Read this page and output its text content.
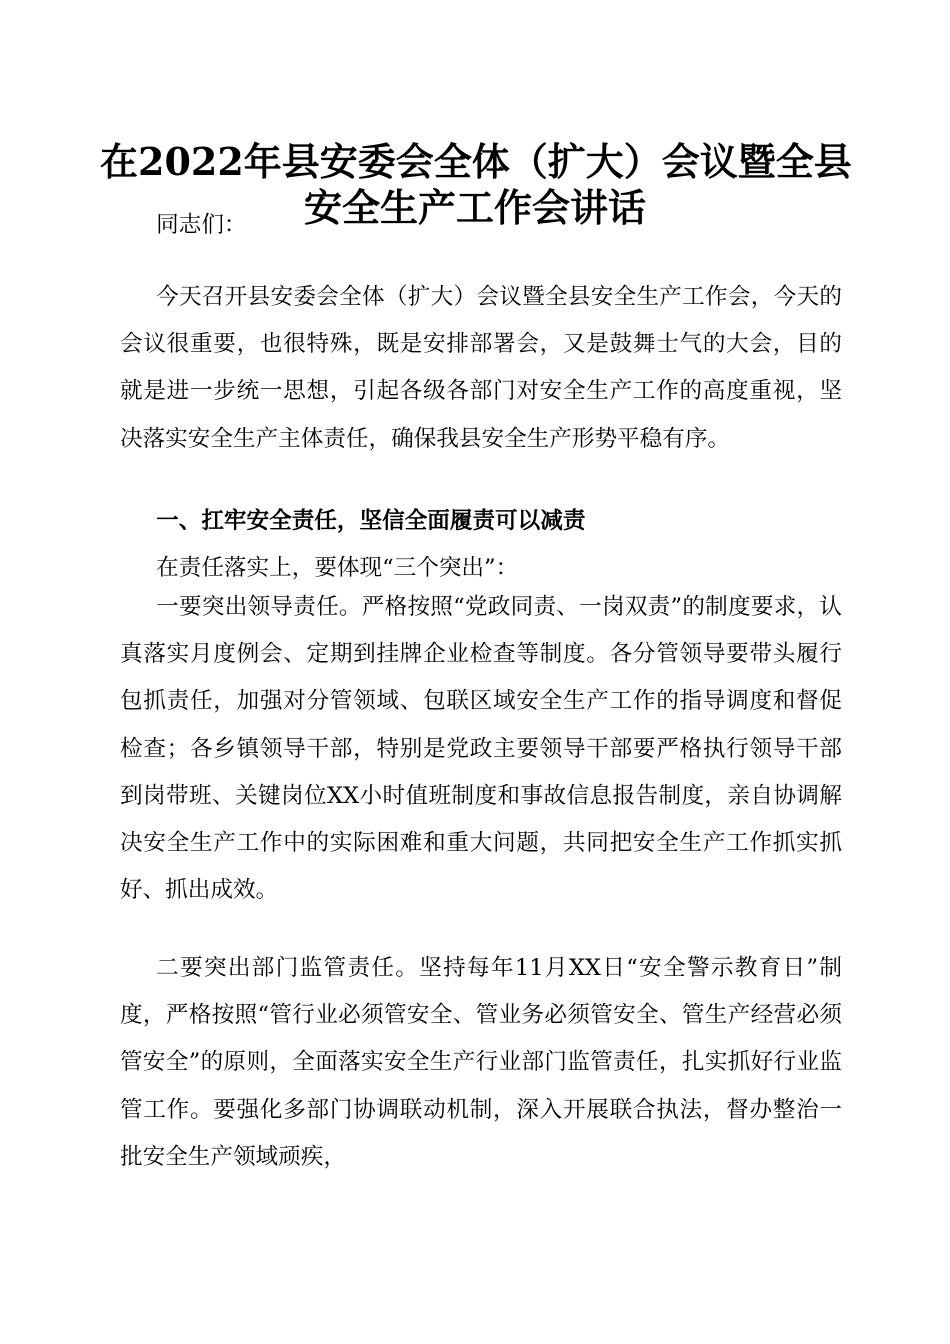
在2022年县安委会全体（扩大）会议暨全县
安全生产工作会讲话

同志们：

今天召开县安委会全体（扩大）会议暨全县安全生产工作会，今天的会议很重要，也很特殊，既是安排部署会，又是鼓舞士气的大会，目的就是进一步统一思想，引起各级各部门对安全生产工作的高度重视，坚决落实安全生产主体责任，确保我县安全生产形势平稳有序。

一、扛牢安全责任，坚信全面履责可以减责

在责任落实上，要体现“三个突出”：

一要突出领导责任。严格按照“党政同责、一岗双责”的制度要求，认真落实月度例会、定期到挂牌企业检查等制度。各分管领导要带头履行包抓责任，加强对分管领域、包联区域安全生产工作的指导调度和督促检查；各乡镇领导干部，特别是党政主要领导干部要严格执行领导干部到岗带班、关键岗位XX小时值班制度和事故信息报告制度，亲自协调解决安全生产工作中的实际困难和重大问题，共同把安全生产工作抓实抓好、抓出成效。

二要突出部门监管责任。坚持每年11月XX日“安全警示教育日”制度，严格按照“管行业必须管安全、管业务必须管安全、管生产经营必须管安全”的原则，全面落实安全生产行业部门监管责任，扎实抓好行业监管工作。要强化多部门协调联动机制，深入开展联合执法，督办整治一批安全生产领域顽疾，
